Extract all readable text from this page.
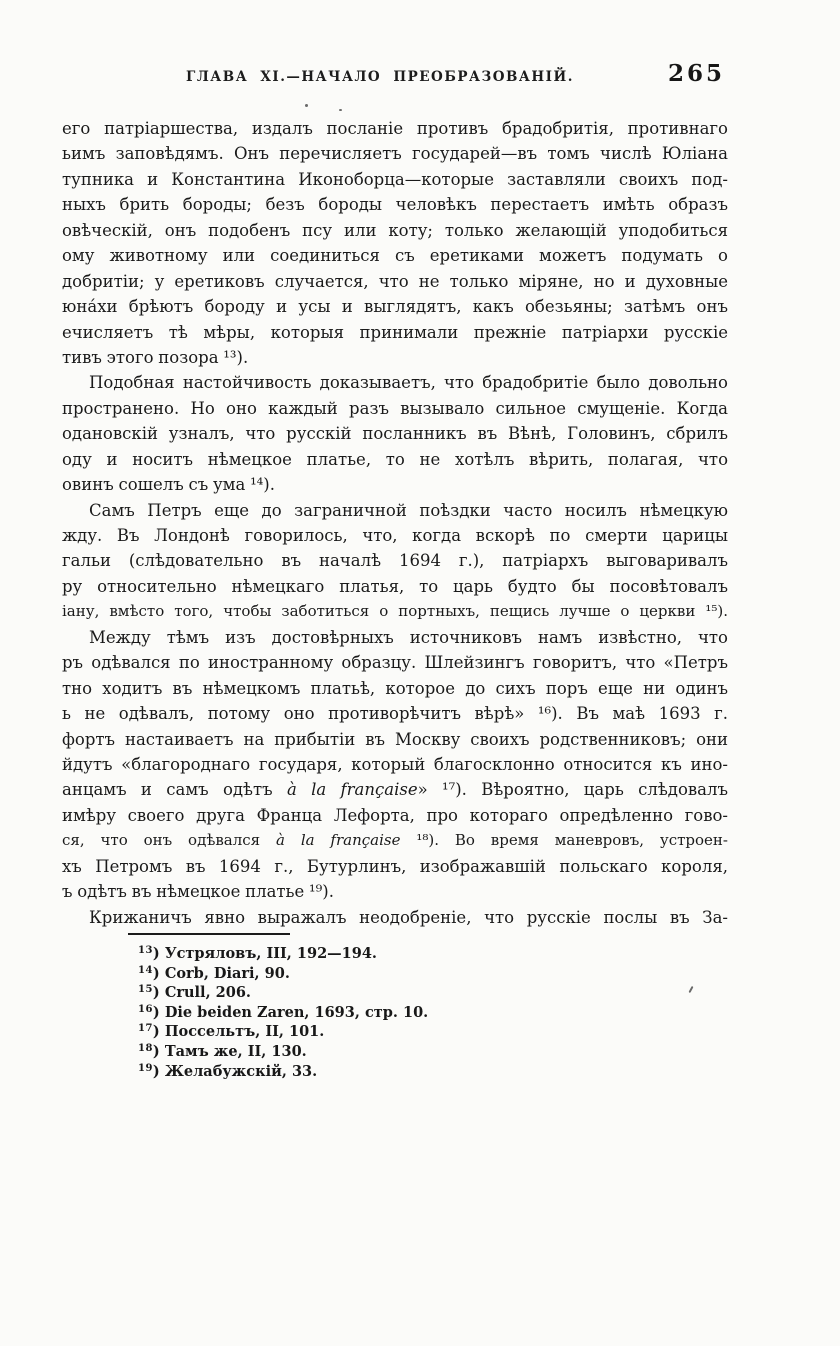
ГЛАВА XI.—НАЧАЛО ПРЕОБРАЗОВАНІЙ.	265
его патріаршества, издалъ посланіе противъ брадобритія, противнаго
ьимъ заповѣдямъ. Онъ перечисляетъ государей—въ томъ числѣ Юліана
тупника и Константина Иконоборца—которые заставляли своихъ под-
ныхъ брить бороды; безъ бороды человѣкъ перестаетъ имѣть образъ
овѣческій, онъ подобенъ псу или коту; только желающій уподобиться
ому животному или соединиться съ еретиками можетъ подумать о
добритіи; у еретиковъ случается, что не только міряне, но и духовные
юна́хи брѣютъ бороду и усы и выглядятъ, какъ обезьяны; затѣмъ онъ
ечисляетъ тѣ мѣры, которыя принимали прежніе патріархи русскіе
тивъ этого позора ¹³).
Подобная настойчивость доказываетъ, что брадобритіе было довольно
пространено. Но оно каждый разъ вызывало сильное смущеніе. Когда
одановскій узналъ, что русскій посланникъ въ Вѣнѣ, Головинъ, сбрилъ
оду и носитъ нѣмецкое платье, то не хотѣлъ вѣрить, полагая, что
овинъ сошелъ съ ума ¹⁴).
Самъ Петръ еще до заграничной поѣздки часто носилъ нѣмецкую
жду. Въ Лондонѣ говорилось, что, когда вскорѣ по смерти царицы
гальи (слѣдовательно въ началѣ 1694 г.), патріархъ выговаривалъ
ру относительно нѣмецкаго платья, то царь будто бы посовѣтовалъ
іану, вмѣсто того, чтобы заботиться о портныхъ, пещись лучше о церкви ¹⁵).
Между тѣмъ изъ достовѣрныхъ источниковъ намъ извѣстно, что
ръ одѣвался по иностранному образцу. Шлейзингъ говоритъ, что «Петръ
тно ходитъ въ нѣмецкомъ платьѣ, которое до сихъ поръ еще ни одинъ
ь не одѣвалъ, потому оно противорѣчитъ вѣрѣ» ¹⁶). Въ маѣ 1693 г.
фортъ настаиваетъ на прибытіи въ Москву своихъ родственниковъ; они
йдутъ «благороднаго государя, который благосклонно относится къ ино-
анцамъ и самъ одѣтъ à la française» ¹⁷). Вѣроятно, царь слѣдовалъ
имѣру своего друга Франца Лефорта, про котораго опредѣленно гово-
ся, что онъ одѣвался à la française ¹⁸). Во время маневровъ, устроен-
хъ Петромъ въ 1694 г., Бутурлинъ, изображавшій польскаго короля,
ъ одѣтъ въ нѣмецкое платье ¹⁹).
Крижаничъ явно выражалъ неодобреніе, что русскіе послы въ За-
$^{13}$) Устряловъ, III, 192—194.
$^{14}$) Corb, Diari, 90.
$^{15}$) Crull, 206.
$^{16}$) Die beiden Zaren, 1693, стр. 10.
$^{17}$) Поссельтъ, II, 101.
$^{18}$) Тамъ же, II, 130.
$^{19}$) Желабужскій, 33.
